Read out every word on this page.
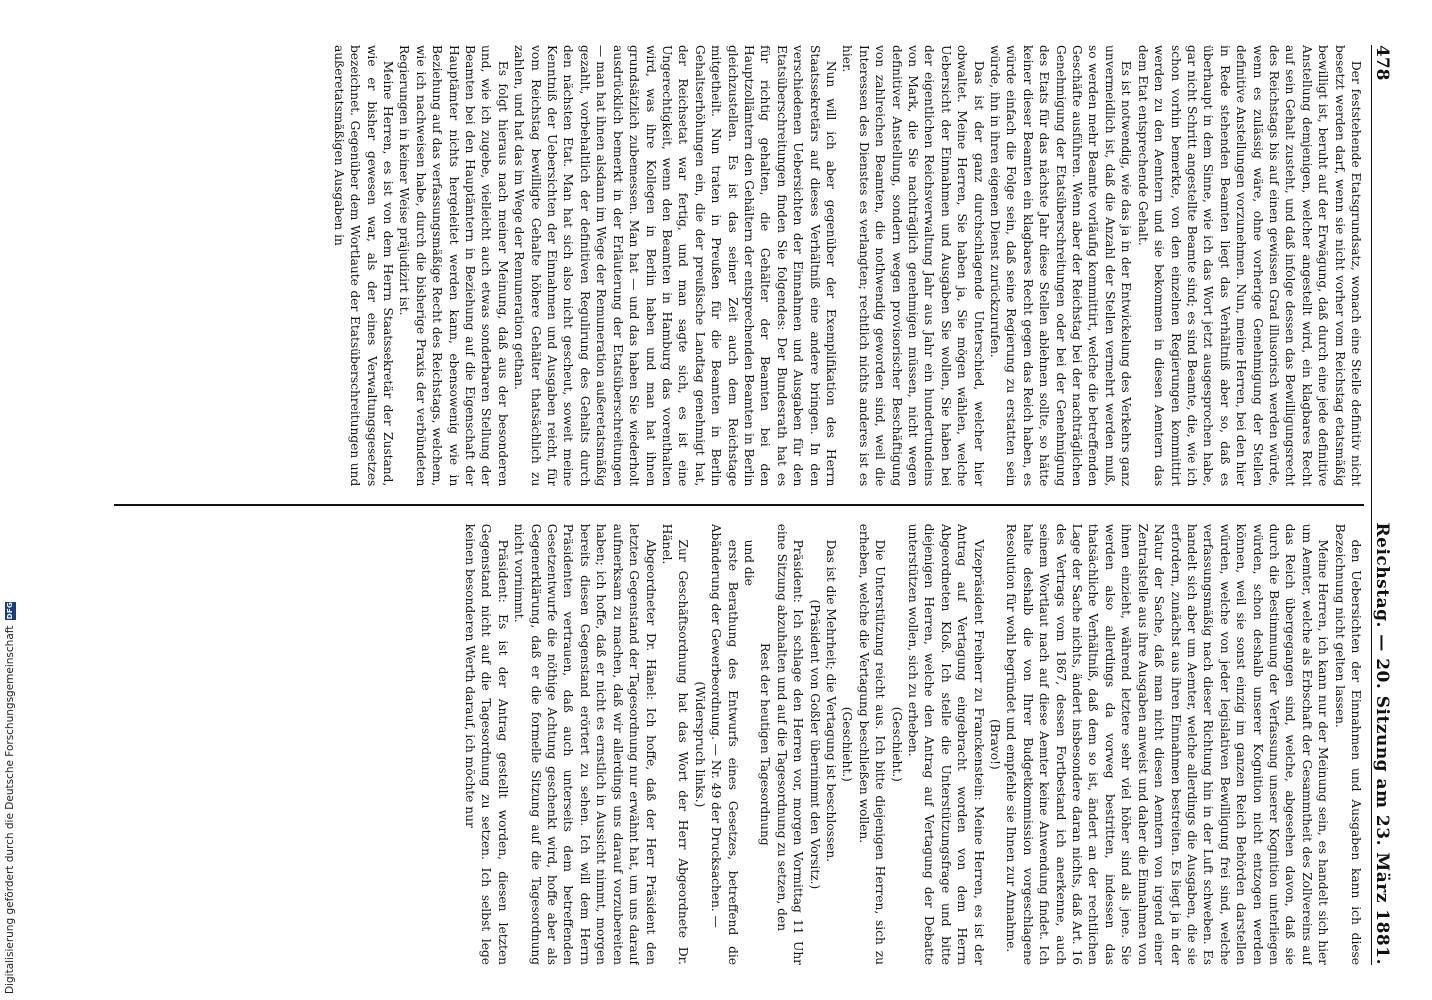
Digitalisierung gefördert durch die Deutsche Forschungsgemeinschaft
DFG
478
Reichstag. — 20. Sitzung am 23. März 1881.

Der feststehende Etatsgrundsatz, wonach eine Stelle definitiv nicht besetzt werden darf, wenn sie nicht vorher vom Reichstag etatsmäßig bewilligt ist, beruht auf der Erwägung, daß durch eine jede definitive Anstellung demjenigen, welcher angestellt wird, ein klagbares Recht auf sein Gehalt zusteht, und daß infolge dessen das Bewilligungsrecht des Reichstags bis auf einen gewissen Grad illusorisch werden würde, wenn es zulässig wäre, ohne vorherige Genehmigung der Stellen definitive Anstellungen vorzunehmen. Nun, meine Herren, bei den hier in Rede stehenden Beamten liegt das Verhältniß aber so, daß es überhaupt in dem Sinne, wie ich das Wort jetzt ausgesprochen habe, gar nicht Schritt angestellte Beamte sind; es sind Beamte, die, wie ich schon vorhin bemerkte, von den einzelnen Regierungen kommittirt werden zu den Aemtern und sie bekommen in diesen Aemtern das dem Etat entsprechende Gehalt.

Es ist notwendig, wie das ja in der Entwickelung des Verkehrs ganz unvermeidlich ist, daß die Anzahl der Stellen vermehrt werden muß, so werden mehr Beamte vorläufig kommittirt, welche die betreffenden Geschäfte ausführen. Wenn aber der Reichstag bei der nachträglichen Genehmigung der Etatsüberschreitungen oder bei der Genehmigung des Etats für das nächste Jahr diese Stellen ablehnen sollte, so hätte keiner dieser Beamten ein klagbares Recht gegen das Reich haben, es würde einfach die Folge sein, daß seine Regierung zu erstatten sein würde, ihn in ihren eigenen Dienst zurückzurufen.

Das ist der ganz durchschlagende Unterschied, welcher hier obwaltet. Meine Herren, Sie haben ja, Sie mögen wählen, welche Uebersicht der Einnahmen und Ausgaben Sie wollen, Sie haben bei der eigentlichen Reichsverwaltung Jahr aus Jahr ein hundertundeins von Mark, die Sie nachträglich genehmigen müssen, nicht wegen definitiver Anstellung, sondern wegen provisorischer Beschäftigung von zahlreichen Beamten, die nothwendig geworden sind, weil die Interessen des Dienstes es verlangten; rechtlich nichts anderes ist es hier.

Nun will ich aber gegenüber der Exemplifikation des Herrn Staatssekretärs auf dieses Verhältniß eine andere bringen. In den verschiedenen Uebersichten der Einnahmen und Ausgaben für den Etatsüberschreitungen finden Sie folgendes: Der Bundesrath hat es für richtig gehalten, die Gehälter der Beamten bei den Hauptzollämtern den Gehältern der entsprechenden Beamten in Berlin gleichzustellen. Es ist das seiner Zeit auch dem Reichstage mitgetheilt. Nun traten in Preußen für die Beamten in Berlin Gehaltserhöhungen ein, die der preußische Landtag genehmigt hat, der Reichsetat war fertig, und man sagte sich, es ist eine Ungerechtigkeit, wenn den Beamten in Hamburg das vorenthalten wird, was ihre Kollegen in Berlin haben und man hat ihnen grundsätzlich zubemessen. Man hat — und das haben Sie wiederholt ausdrücklich bemerkt in der Erläuterung der Etatsüberschreitungen — man hat ihnen alsdann im Wege der Remuneration außeretatsmäßig gezahlt, vorbehaltlich der definitiven Regulirung des Gehalts durch den nächsten Etat. Man hat sich also nicht gescheut, soweit meine Kenntniß der Uebersichten der Einnahmen und Ausgaben reicht, für vom Reichstag bewilligte Gehalte höhere Gehälter thatsächlich zu zahlen, und hat das im Wege der Remuneration gethan.

Es folgt hieraus nach meiner Meinung, daß aus der besonderen und, wie ich zugebe, vielleicht auch etwas sonderbaren Stellung der Beamten bei den Hauptämtern in Beziehung auf die Eigenschaft der Hauptämter nichts hergeleitet werden kann, ebensowenig wie in Beziehung auf das verfassungsmäßige Recht des Reichstags, welchem, wie ich nachweisen habe, durch die bisherige Praxis der verbündeten Regierungen in keiner Weise präjudizirt ist.

Meine Herren, es ist von dem Herrn Staatssekretär der Zustand, wie er bisher gewesen war, als der eines Verwaltungsgesetzes bezeichnet. Gegenüber dem Wortlaute der Etatsüberschreitungen und außeretatsmäßigen Ausgaben in

den Uebersichten der Einnahmen und Ausgaben kann ich diese Bezeichnung nicht gelten lassen.

Meine Herren, ich kann nur der Meinung sein, es handelt sich hier um Aemter, welche als Erbschaft der Gesammtheit des Zollvereins auf das Reich übergegangen sind, welche, abgesehen davon, daß sie durch die Bestimmung der Verfassung unserer Kognition unterliegen würden, schon deshalb unserer Kognition nicht entzogen werden können, weil sie sonst einzig im ganzen Reich Behörden darstellen würden, welche von jeder legislativen Bewilligung frei sind, welche verfassungsmäßig nach dieser Richtung hin in der Luft schweben. Es handelt sich aber um Aemter, welche allerdings die Ausgaben, die sie erfordern, zunächst aus ihren Einnahmen bestreiten. Es liegt ja in der Natur der Sache, daß man nicht diesen Aemtern von irgend einer Zentralstelle aus ihre Ausgaben anweist und daher die Einnahmen von ihnen einzieht, während letztere sehr viel höher sind als jene. Sie werden also allerdings da vorweg bestritten, indessen das thatsächliche Verhältniß, daß dem so ist, ändert an der rechtlichen Lage der Sache nichts, ändert insbesondere daran nichts, daß Art. 16 des Vertrags vom 1867, dessen Fortbestand ich anerkenne, auch seinem Wortlaut nach auf diese Aemter keine Anwendung findet. Ich halte deshalb die von Ihrer Budgetkommission vorgeschlagene Resolution für wohl begründet und empfehle sie Ihnen zur Annahme.

(Bravo!)

Vizepräsident Freiherr zu Franckenstein: Meine Herren, es ist der Antrag auf Vertagung eingebracht worden von dem Herrn Abgeordneten Kloß. Ich stelle die Unterstützungsfrage und bitte diejenigen Herren, welche den Antrag auf Vertagung der Debatte unterstützen wollen, sich zu erheben.

(Geschieht.)

Die Unterstützung reicht aus. Ich bitte diejenigen Herren, sich zu erheben, welche die Vertagung beschließen wollen.

(Geschieht.)

Das ist die Mehrheit; die Vertagung ist beschlossen.

(Präsident von Goßler übernimmt den Vorsitz.)

Präsident: Ich schlage den Herren vor, morgen Vormittag 11 Uhr eine Sitzung abzuhalten und auf die Tagesordnung zu setzen, den

Rest der heutigen Tagesordnung

und die

erste Berathung des Entwurfs eines Gesetzes, betreffend die Abänderung der Gewerbeordnung. — Nr. 49 der Drucksachen. —

(Widerspruch links.)

Zur Geschäftsordnung hat das Wort der Herr Abgeordnete Dr. Hänel.

Abgeordneter Dr. Hänel: Ich hoffe, daß der Herr Präsident den letzten Gegenstand der Tagesordnung nur erwähnt hat, um uns darauf aufmerksam zu machen, daß wir allerdings uns darauf vorzubereiten haben; ich hoffe, daß er nicht es ernstlich in Aussicht nimmt, morgen bereits diesen Gegenstand erörtert zu sehen. Ich will dem Herrn Präsidenten vertrauen, daß auch unterseits dem betreffenden Gesetzentwurfe die nöthige Achtung geschenkt wird, hoffe aber als Gegenerklärung, daß er die formelle Sitzung auf die Tagesordnung nicht vornimmt.

Präsident: Es ist der Antrag gestellt worden, diesen letzten Gegenstand nicht auf die Tagesordnung zu setzen. Ich selbst lege keinen besonderen Werth darauf, ich möchte nur
